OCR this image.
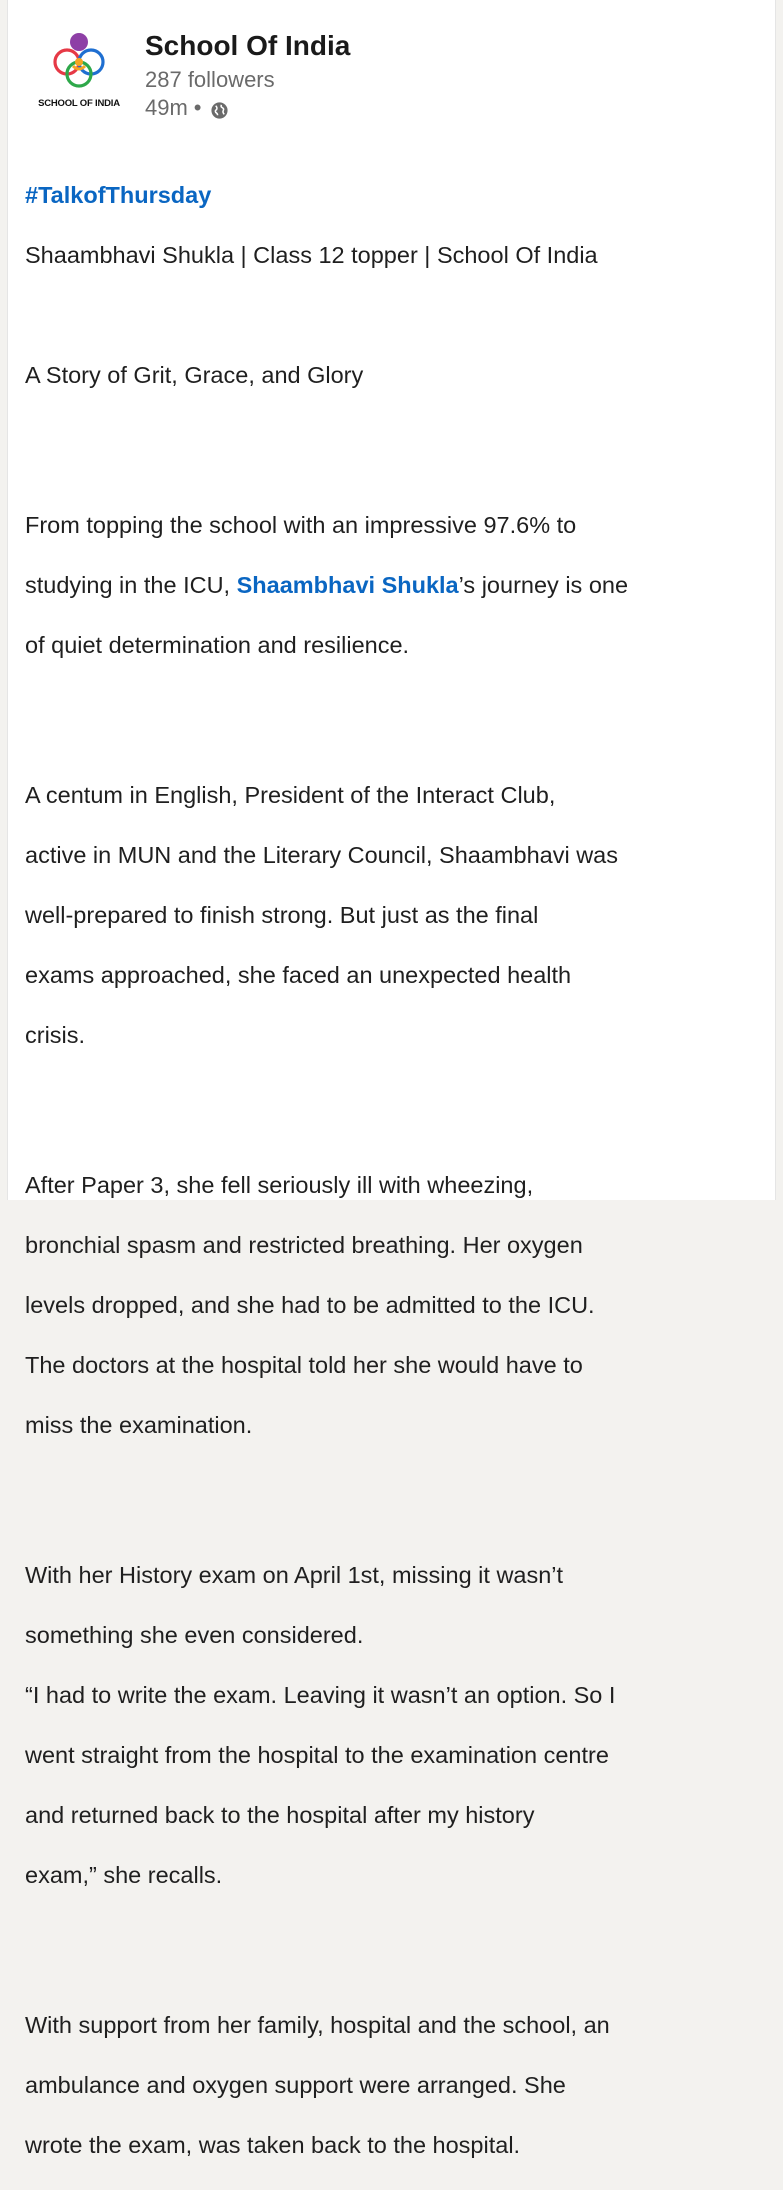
SCHOOL OF INDIA
School Of India
287 followers
49m •

#TalkofThursday

Shaambhavi Shukla | Class 12 topper | School Of India

A Story of Grit, Grace, and Glory

From topping the school with an impressive 97.6% to

studying in the ICU, Shaambhavi Shukla’s journey is one

of quiet determination and resilience.

A centum in English, President of the Interact Club,

active in MUN and the Literary Council, Shaambhavi was

well-prepared to finish strong. But just as the final

exams approached, she faced an unexpected health

crisis.

After Paper 3, she fell seriously ill with wheezing,

bronchial spasm and restricted breathing. Her oxygen

levels dropped, and she had to be admitted to the ICU.

The doctors at the hospital told her she would have to

miss the examination.

With her History exam on April 1st, missing it wasn’t

something she even considered.

“I had to write the exam. Leaving it wasn’t an option. So I

went straight from the hospital to the examination centre

and returned back to the hospital after my history

exam,” she recalls.

With support from her family, hospital and the school, an

ambulance and oxygen support were arranged. She

wrote the exam, was taken back to the hospital.
